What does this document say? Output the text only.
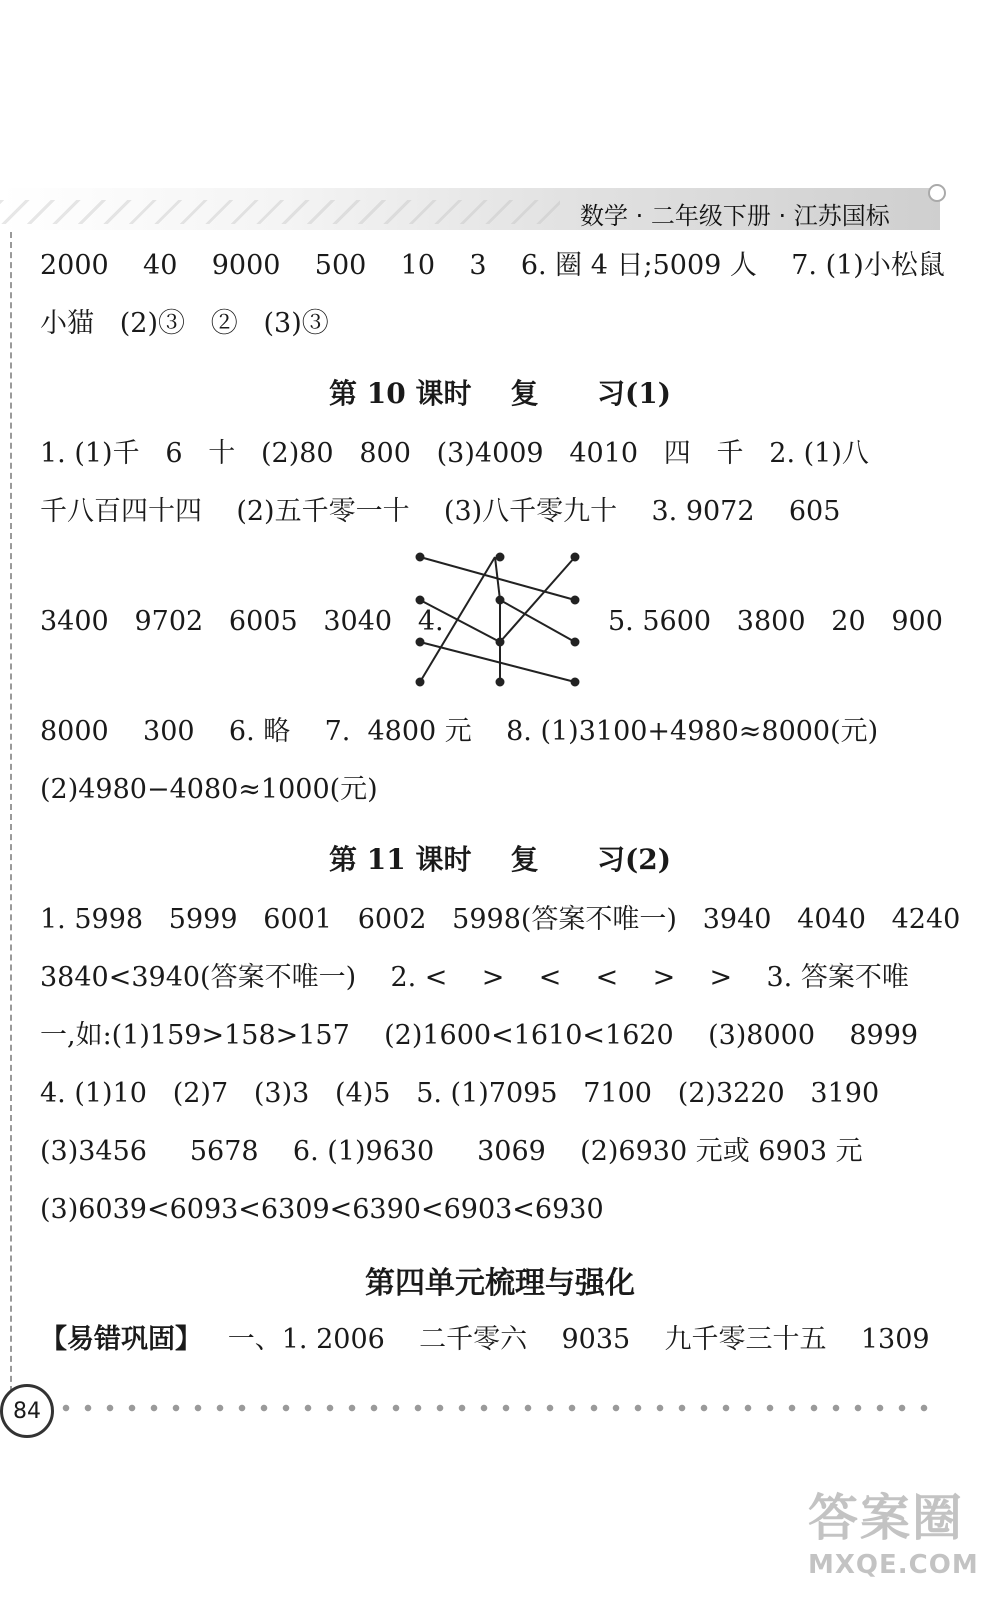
数学 · 二年级下册 · 江苏国标
2000    40    9000    500    10    3    6. 圈 4 日;5009 人    7. (1)小松鼠
小猫   (2)③   ②   (3)③
第 10 课时    复      习(1)
1. (1)千   6   十   (2)80   800   (3)4009   4010   四   千   2. (1)八
千八百四十四    (2)五千零一十    (3)八千零九十    3. 9072    605
3400   9702   6005   3040   4.	5. 5600   3800   20   900
8000    300    6. 略    7.  4800 元    8. (1)3100+4980≈8000(元)
(2)4980−4080≈1000(元)
第 11 课时    复      习(2)
1. 5998   5999   6001   6002   5998(答案不唯一)   3940   4040   4240
3840<3940(答案不唯一)    2. <    >    <    <    >    >    3. 答案不唯
一,如:(1)159>158>157    (2)1600<1610<1620    (3)8000    8999
4. (1)10   (2)7   (3)3   (4)5   5. (1)7095   7100   (2)3220   3190
(3)3456     5678    6. (1)9630     3069    (2)6930 元或 6903 元
(3)6039<6093<6309<6390<6903<6930
第四单元梳理与强化
【易错巩固】   一、1. 2006    二千零六    9035    九千零三十五    1309
84
答案圈
MXQE.COM
